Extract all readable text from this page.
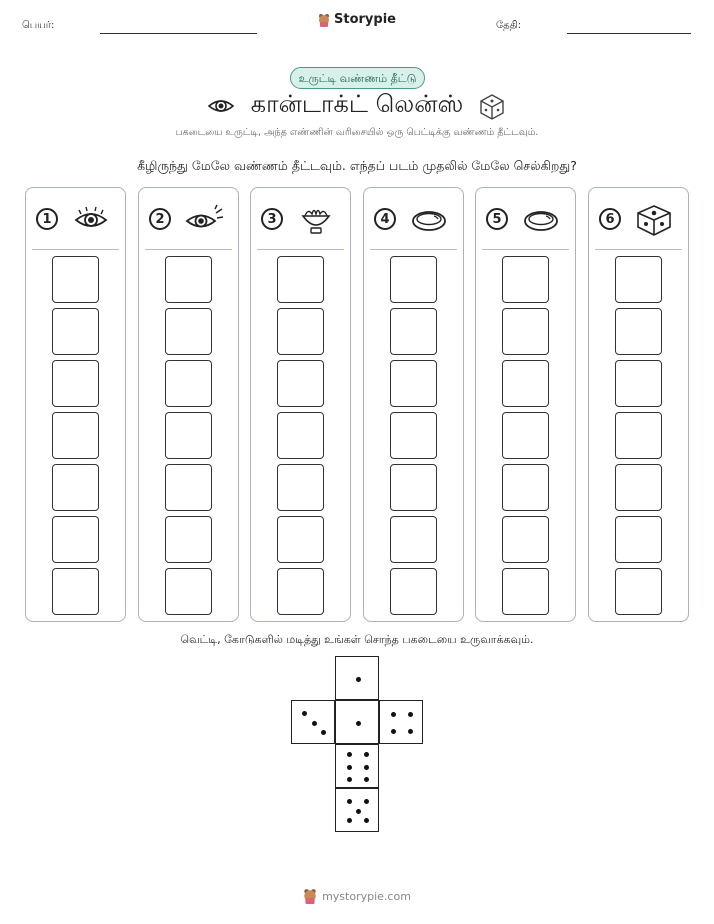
பெயர்:	Storypie	தேதி:
உருட்டி வண்ணம் தீட்டு
கான்டாக்ட் லென்ஸ்
பகடையை உருட்டி, அந்த எண்ணின் வரிசையில் ஒரு பெட்டிக்கு வண்ணம் தீட்டவும்.
கீழிருந்து மேலே வண்ணம் தீட்டவும். எந்தப் படம் முதலில் மேலே செல்கிறது?
1	2	3	4	5	6
வெட்டி, கோடுகளில் மடித்து உங்கள் சொந்த பகடையை உருவாக்கவும்.
mystorypie.com
